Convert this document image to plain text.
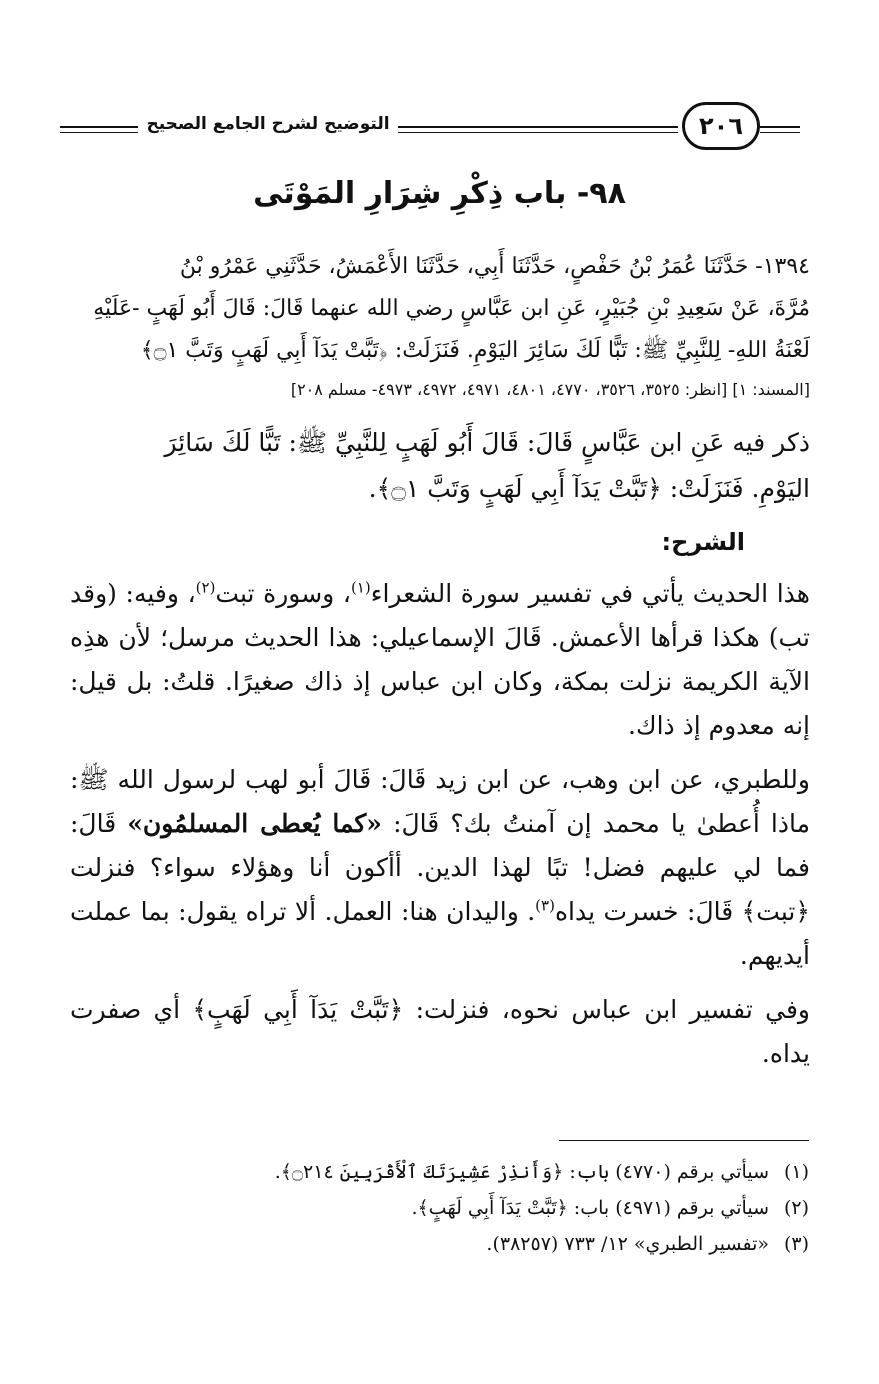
التوضيح لشرح الجامع الصحيح	٢٠٦
٩٨- باب ذِكْرِ شِرَارِ المَوْتَى

١٣٩٤- حَدَّثَنَا عُمَرُ بْنُ حَفْصٍ، حَدَّثَنَا أَبِي، حَدَّثَنَا الأَعْمَشُ، حَدَّثَنِي عَمْرُو بْنُ

مُرَّةَ، عَنْ سَعِيدِ بْنِ جُبَيْرٍ، عَنِ ابن عَبَّاسٍ رضي الله عنهما قَالَ: قَالَ أَبُو لَهَبٍ -عَلَيْهِ

لَعْنَةُ اللهِ- لِلنَّبِيِّ ﷺ: تَبًّا لَكَ سَائِرَ اليَوْمِ. فَنَزَلَتْ: ﴿تَبَّتْ يَدَآ أَبِي لَهَبٍ وَتَبَّ ۝١﴾

[المسند: ١] [انظر: ٣٥٢٥، ٣٥٢٦، ٤٧٧٠، ٤٨٠١، ٤٩٧١، ٤٩٧٢، ٤٩٧٣- مسلم ٢٠٨]

ذكر فيه عَنِ ابن عَبَّاسٍ قَالَ: قَالَ أَبُو لَهَبٍ لِلنَّبِيِّ ﷺ: تَبًّا لَكَ سَائِرَ

اليَوْمِ. فَنَزَلَتْ: ﴿تَبَّتْ يَدَآ أَبِي لَهَبٍ وَتَبَّ ۝١﴾.

الشرح:

هذا الحديث يأتي في تفسير سورة الشعراء$^{(١)}$، وسورة تبت$^{(٢)}$، وفيه: (وقد تب) هكذا قرأها الأعمش. قَالَ الإسماعيلي: هذا الحديث مرسل؛ لأن هذِه الآية الكريمة نزلت بمكة، وكان ابن عباس إذ ذاك صغيرًا. قلتُ: بل قيل: إنه معدوم إذ ذاك.

وللطبري، عن ابن وهب، عن ابن زيد قَالَ: قَالَ أبو لهب لرسول الله ﷺ: ماذا أُعطىٰ يا محمد إن آمنتُ بك؟ قَالَ: «كما يُعطى المسلمُون» قَالَ: فما لي عليهم فضل! تبًا لهذا الدين. أأكون أنا وهؤلاء سواء؟ فنزلت ﴿تبت﴾ قَالَ: خسرت يداه$^{(٣)}$. واليدان هنا: العمل. ألا تراه يقول: بما عملت أيديهم.

وفي تفسير ابن عباس نحوه، فنزلت: ﴿تَبَّتْ يَدَآ أَبِي لَهَبٍ﴾ أي صفرت يداه.

(١)سيأتي برقم (٤٧٧٠) باب: ﴿وَأَنذِرْ عَشِيرَتَكَ ٱلْأَقْرَبِينَ ۝٢١٤﴾.
(٢)سيأتي برقم (٤٩٧١) باب: ﴿تَبَّتْ يَدَآ أَبِي لَهَبٍ﴾.
(٣)«تفسير الطبري» ١٢/ ٧٣٣ (٣٨٢٥٧).
